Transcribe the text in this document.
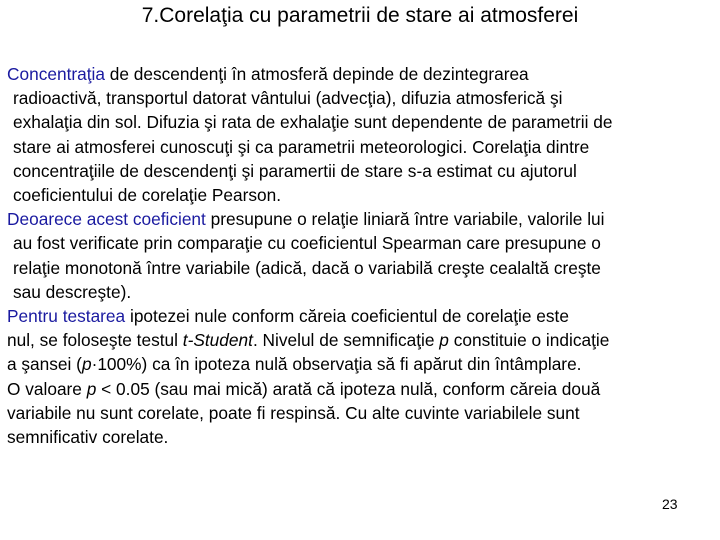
7.Corelaţia cu parametrii de stare ai atmosferei

Concentraţia de descendenţi în atmosferă depinde de dezintegrarea
radioactivă, transportul datorat vântului (advecţia), difuzia atmosferică şi
exhalaţia din sol. Difuzia şi rata de exhalaţie sunt dependente de parametrii de
stare ai atmosferei cunoscuţi şi ca parametrii meteorologici. Corelaţia dintre
concentraţiile de descendenţi şi paramertii de stare s-a estimat cu ajutorul
coeficientului de corelaţie Pearson.

Deoarece acest coeficient presupune o relaţie liniară între variabile, valorile lui
au fost verificate prin comparaţie cu coeficientul Spearman care presupune o
relaţie monotonă între variabile (adică, dacă o variabilă creşte cealaltă creşte
sau descreşte).

Pentru testarea ipotezei nule conform căreia coeficientul de corelaţie este
nul, se foloseşte testul t-Student. Nivelul de semnificaţie p constituie o indicaţie
a şansei (p·100%) ca în ipoteza nulă observaţia să fi apărut din întâmplare.

O valoare p < 0.05 (sau mai mică) arată că ipoteza nulă, conform căreia două
variabile nu sunt corelate, poate fi respinsă. Cu alte cuvinte variabilele sunt
semnificativ corelate.

23
